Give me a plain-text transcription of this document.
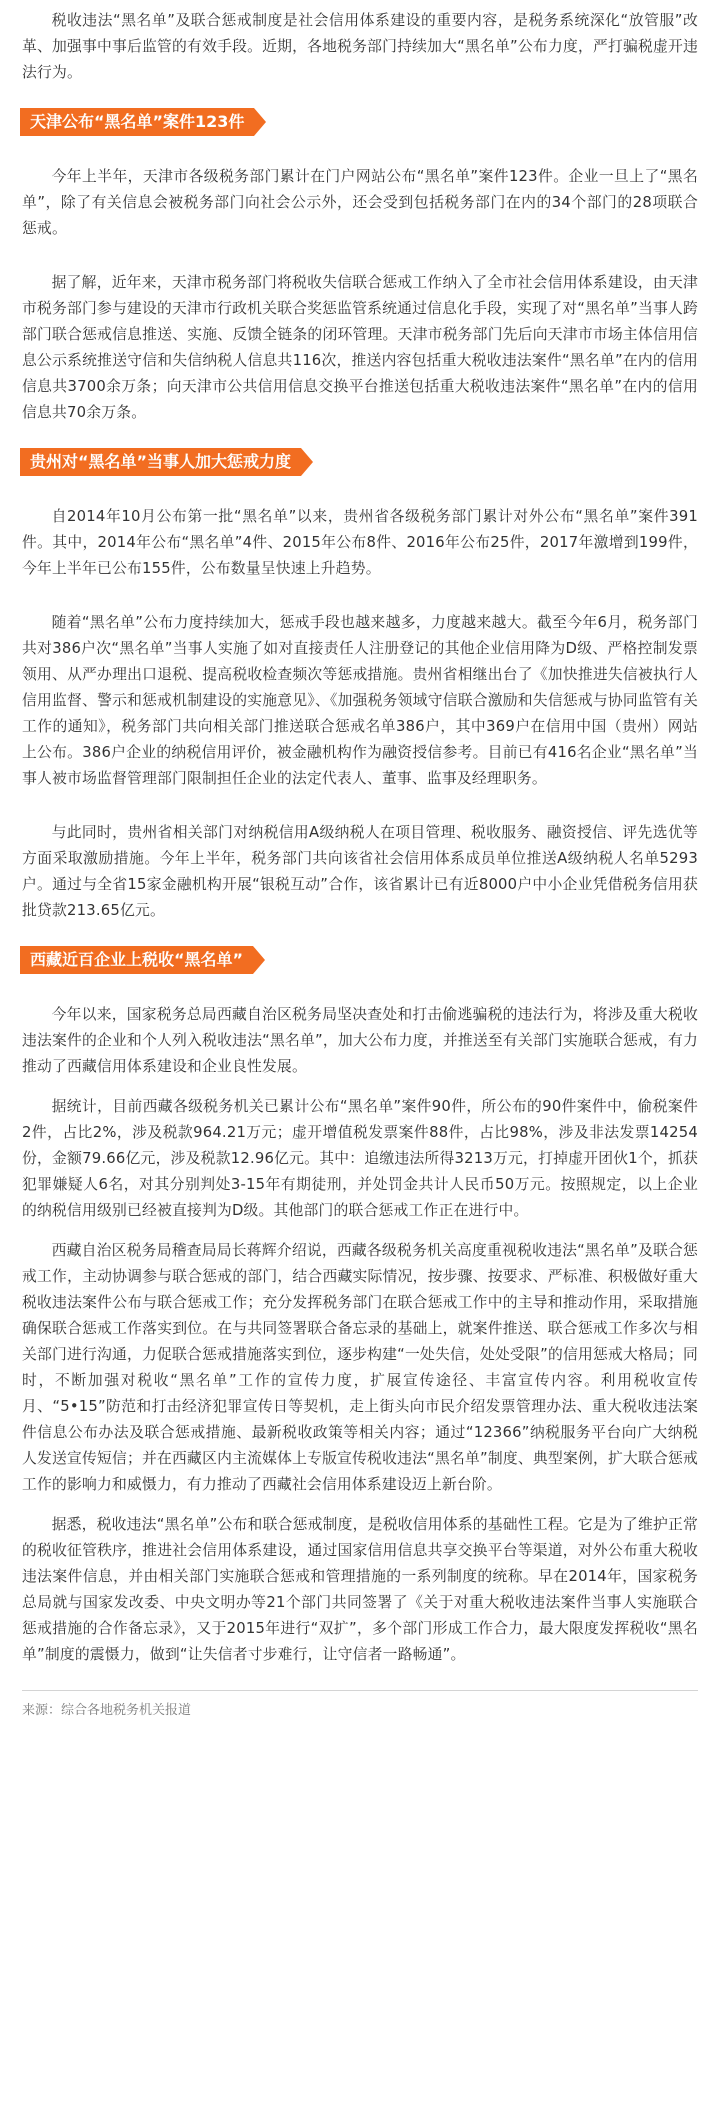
税收违法“黑名单”及联合惩戒制度是社会信用体系建设的重要内容，是税务系统深化“放管服”改革、加强事中事后监管的有效手段。近期，各地税务部门持续加大“黑名单”公布力度，严打骗税虚开违法行为。

天津公布“黑名单”案件123件

今年上半年，天津市各级税务部门累计在门户网站公布“黑名单”案件123件。企业一旦上了“黑名单”，除了有关信息会被税务部门向社会公示外，还会受到包括税务部门在内的34个部门的28项联合惩戒。

据了解，近年来，天津市税务部门将税收失信联合惩戒工作纳入了全市社会信用体系建设，由天津市税务部门参与建设的天津市行政机关联合奖惩监管系统通过信息化手段，实现了对“黑名单”当事人跨部门联合惩戒信息推送、实施、反馈全链条的闭环管理。天津市税务部门先后向天津市市场主体信用信息公示系统推送守信和失信纳税人信息共116次，推送内容包括重大税收违法案件“黑名单”在内的信用信息共3700余万条；向天津市公共信用信息交换平台推送包括重大税收违法案件“黑名单”在内的信用信息共70余万条。

贵州对“黑名单”当事人加大惩戒力度

自2014年10月公布第一批“黑名单”以来，贵州省各级税务部门累计对外公布“黑名单”案件391件。其中，2014年公布“黑名单”4件、2015年公布8件、2016年公布25件，2017年激增到199件，今年上半年已公布155件，公布数量呈快速上升趋势。

随着“黑名单”公布力度持续加大，惩戒手段也越来越多，力度越来越大。截至今年6月，税务部门共对386户次“黑名单”当事人实施了如对直接责任人注册登记的其他企业信用降为D级、严格控制发票领用、从严办理出口退税、提高税收检查频次等惩戒措施。贵州省相继出台了《加快推进失信被执行人信用监督、警示和惩戒机制建设的实施意见》、《加强税务领域守信联合激励和失信惩戒与协同监管有关工作的通知》，税务部门共向相关部门推送联合惩戒名单386户，其中369户在信用中国（贵州）网站上公布。386户企业的纳税信用评价，被金融机构作为融资授信参考。目前已有416名企业“黑名单”当事人被市场监督管理部门限制担任企业的法定代表人、董事、监事及经理职务。

与此同时，贵州省相关部门对纳税信用A级纳税人在项目管理、税收服务、融资授信、评先选优等方面采取激励措施。今年上半年，税务部门共向该省社会信用体系成员单位推送A级纳税人名单5293户。通过与全省15家金融机构开展“银税互动”合作，该省累计已有近8000户中小企业凭借税务信用获批贷款213.65亿元。

西藏近百企业上税收“黑名单”

今年以来，国家税务总局西藏自治区税务局坚决查处和打击偷逃骗税的违法行为，将涉及重大税收违法案件的企业和个人列入税收违法“黑名单”，加大公布力度，并推送至有关部门实施联合惩戒，有力推动了西藏信用体系建设和企业良性发展。

据统计，目前西藏各级税务机关已累计公布“黑名单”案件90件，所公布的90件案件中，偷税案件2件，占比2%，涉及税款964.21万元；虚开增值税发票案件88件，占比98%，涉及非法发票14254份，金额79.66亿元，涉及税款12.96亿元。其中：追缴违法所得3213万元，打掉虚开团伙1个，抓获犯罪嫌疑人6名，对其分别判处3-15年有期徒刑，并处罚金共计人民币50万元。按照规定，以上企业的纳税信用级别已经被直接判为D级。其他部门的联合惩戒工作正在进行中。

西藏自治区税务局稽查局局长蒋辉介绍说，西藏各级税务机关高度重视税收违法“黑名单”及联合惩戒工作，主动协调参与联合惩戒的部门，结合西藏实际情况，按步骤、按要求、严标准、积极做好重大税收违法案件公布与联合惩戒工作；充分发挥税务部门在联合惩戒工作中的主导和推动作用，采取措施确保联合惩戒工作落实到位。在与共同签署联合备忘录的基础上，就案件推送、联合惩戒工作多次与相关部门进行沟通，力促联合惩戒措施落实到位，逐步构建“一处失信，处处受限”的信用惩戒大格局；同时，不断加强对税收“黑名单”工作的宣传力度，扩展宣传途径、丰富宣传内容。利用税收宣传月、“5•15”防范和打击经济犯罪宣传日等契机，走上街头向市民介绍发票管理办法、重大税收违法案件信息公布办法及联合惩戒措施、最新税收政策等相关内容；通过“12366”纳税服务平台向广大纳税人发送宣传短信；并在西藏区内主流媒体上专版宣传税收违法“黑名单”制度、典型案例，扩大联合惩戒工作的影响力和威慑力，有力推动了西藏社会信用体系建设迈上新台阶。

据悉，税收违法“黑名单”公布和联合惩戒制度，是税收信用体系的基础性工程。它是为了维护正常的税收征管秩序，推进社会信用体系建设，通过国家信用信息共享交换平台等渠道，对外公布重大税收违法案件信息，并由相关部门实施联合惩戒和管理措施的一系列制度的统称。早在2014年，国家税务总局就与国家发改委、中央文明办等21个部门共同签署了《关于对重大税收违法案件当事人实施联合惩戒措施的合作备忘录》，又于2015年进行“双扩”，多个部门形成工作合力，最大限度发挥税收“黑名单”制度的震慑力，做到“让失信者寸步难行，让守信者一路畅通”。

来源：综合各地税务机关报道
